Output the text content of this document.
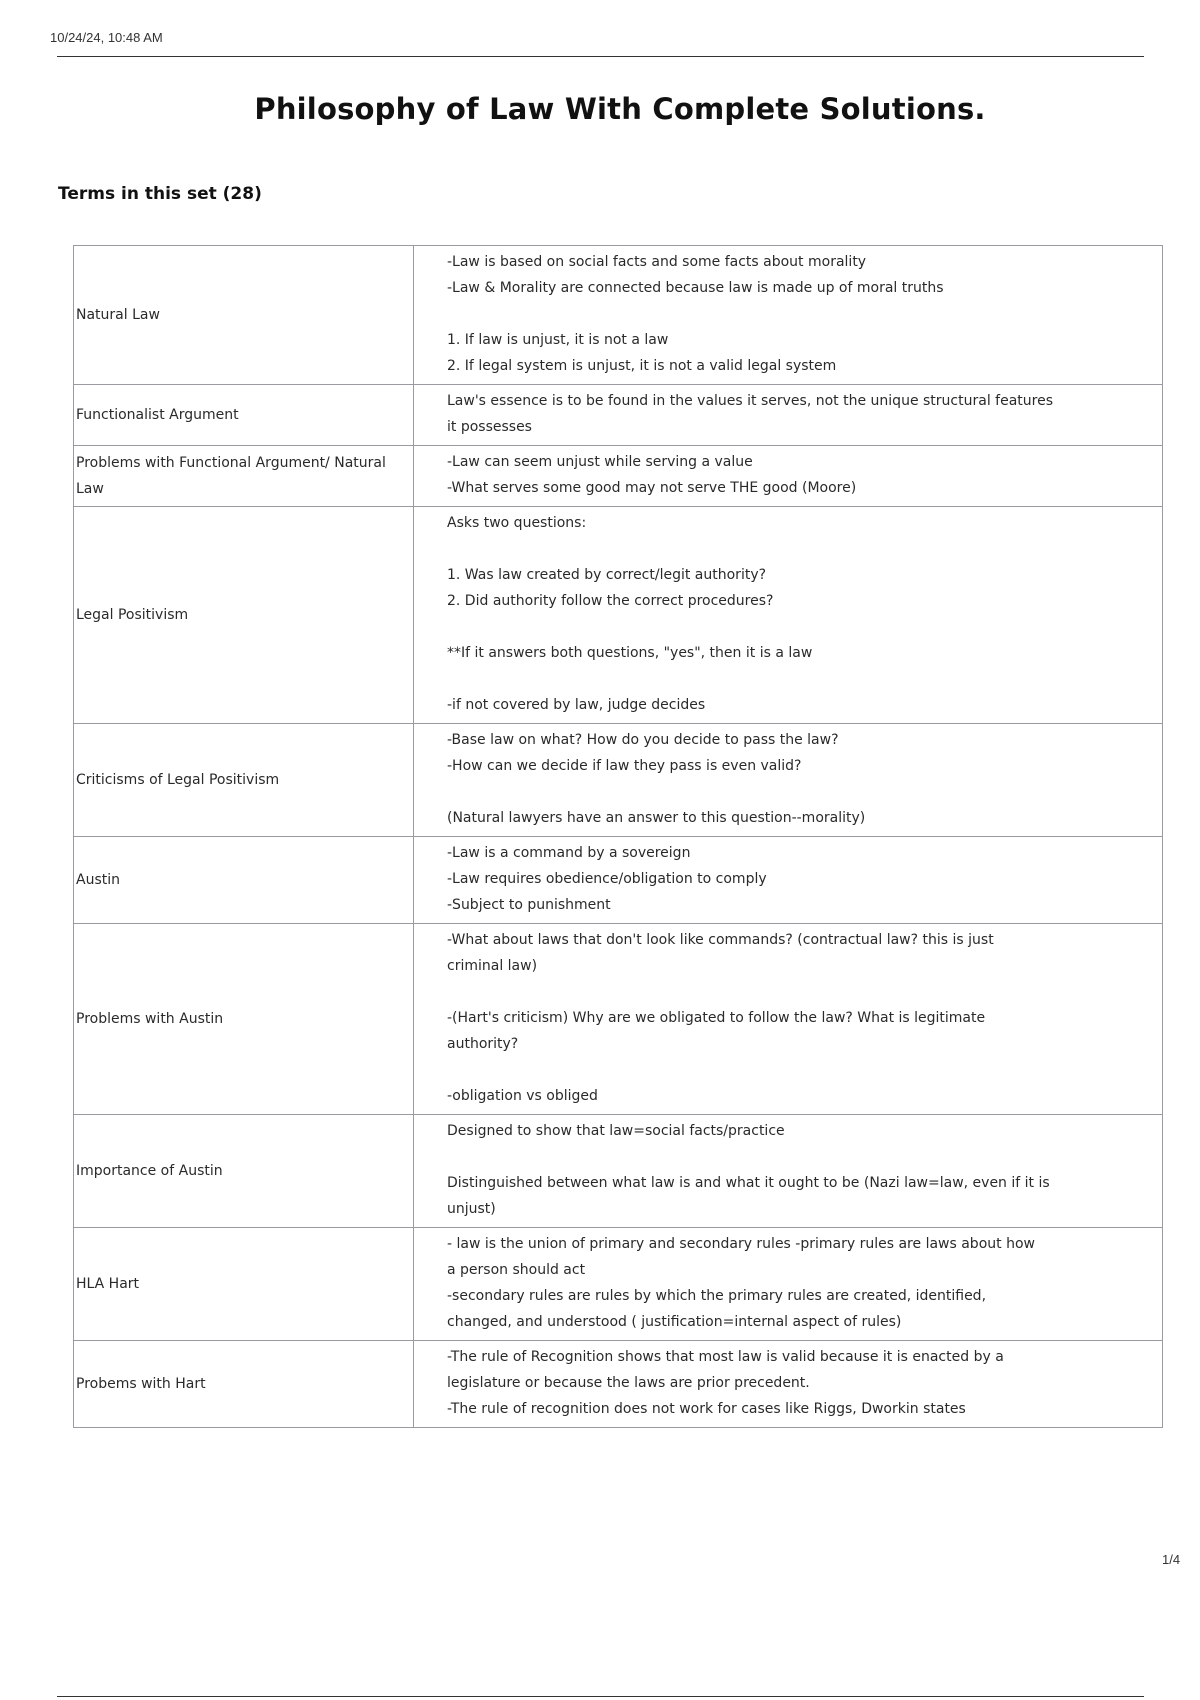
10/24/24, 10:48 AM
Philosophy of Law With Complete Solutions.
Terms in this set (28)
Natural Law	-Law is based on social facts and some facts about morality
-Law & Morality are connected because law is made up of moral truths
1. If law is unjust, it is not a law
2. If legal system is unjust, it is not a valid legal system

Functionalist Argument	Law's essence is to be found in the values it serves, not the unique structural features
it possesses

Problems with Functional Argument/ Natural Law	-Law can seem unjust while serving a value
-What serves some good may not serve THE good (Moore)

Legal Positivism	Asks two questions:
1. Was law created by correct/legit authority?
2. Did authority follow the correct procedures?
**If it answers both questions, "yes", then it is a law
-if not covered by law, judge decides

Criticisms of Legal Positivism	-Base law on what? How do you decide to pass the law?
-How can we decide if law they pass is even valid?
(Natural lawyers have an answer to this question--morality)

Austin	-Law is a command by a sovereign
-Law requires obedience/obligation to comply
-Subject to punishment

Problems with Austin	-What about laws that don't look like commands? (contractual law? this is just
criminal law)
-(Hart's criticism) Why are we obligated to follow the law? What is legitimate
authority?
-obligation vs obliged

Importance of Austin	Designed to show that law=social facts/practice
Distinguished between what law is and what it ought to be (Nazi law=law, even if it is
unjust)

HLA Hart	- law is the union of primary and secondary rules -primary rules are laws about how
a person should act
-secondary rules are rules by which the primary rules are created, identified,
changed, and understood ( justification=internal aspect of rules)

Probems with Hart	-The rule of Recognition shows that most law is valid because it is enacted by a
legislature or because the laws are prior precedent.
-The rule of recognition does not work for cases like Riggs, Dworkin states
1/4
